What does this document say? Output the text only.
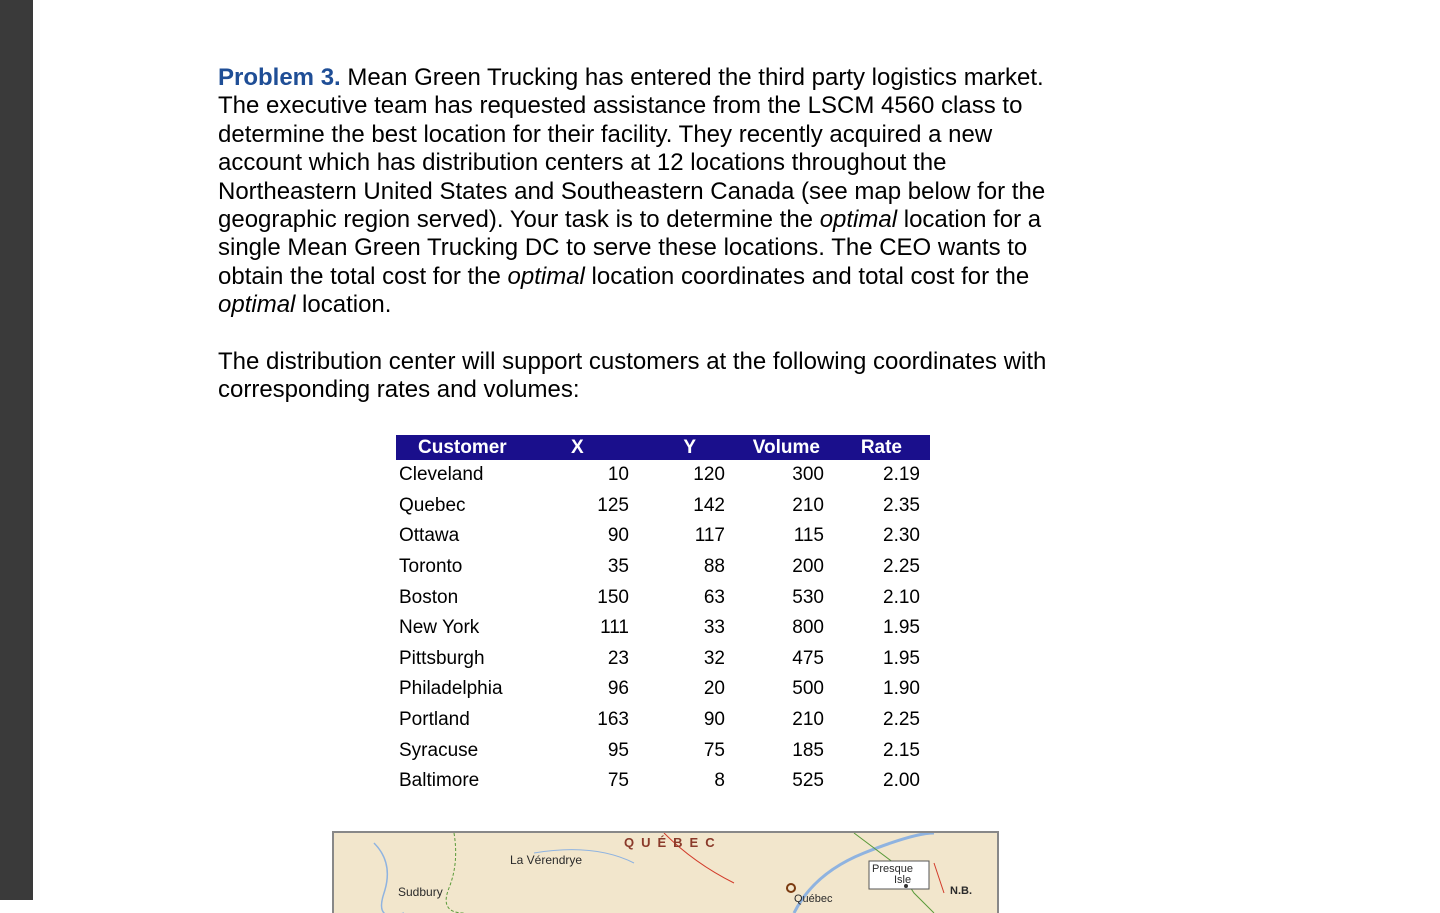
Problem 3. Mean Green Trucking has entered the third party logistics market.
The executive team has requested assistance from the LSCM 4560 class to
determine the best location for their facility. They recently acquired a new
account which has distribution centers at 12 locations throughout the
Northeastern United States and Southeastern Canada (see map below for the
geographic region served). Your task is to determine the optimal location for a
single Mean Green Trucking DC to serve these locations. The CEO wants to
obtain the total cost for the optimal location coordinates and total cost for the
optimal location.
The distribution center will support customers at the following coordinates with
corresponding rates and volumes:
Customer	X	Y	Volume	Rate
Cleveland	10	120	300	2.19
Quebec	125	142	210	2.35
Ottawa	90	117	115	2.30
Toronto	35	88	200	2.25
Boston	150	63	530	2.10
New York	111	33	800	1.95
Pittsburgh	23	32	475	1.95
Philadelphia	96	20	500	1.90
Portland	163	90	210	2.25
Syracuse	95	75	185	2.15
Baltimore	75	8	525	2.00
QUÉBEC
La Vérendrye
Sudbury
Presque
Isle
N.B.
Québec
